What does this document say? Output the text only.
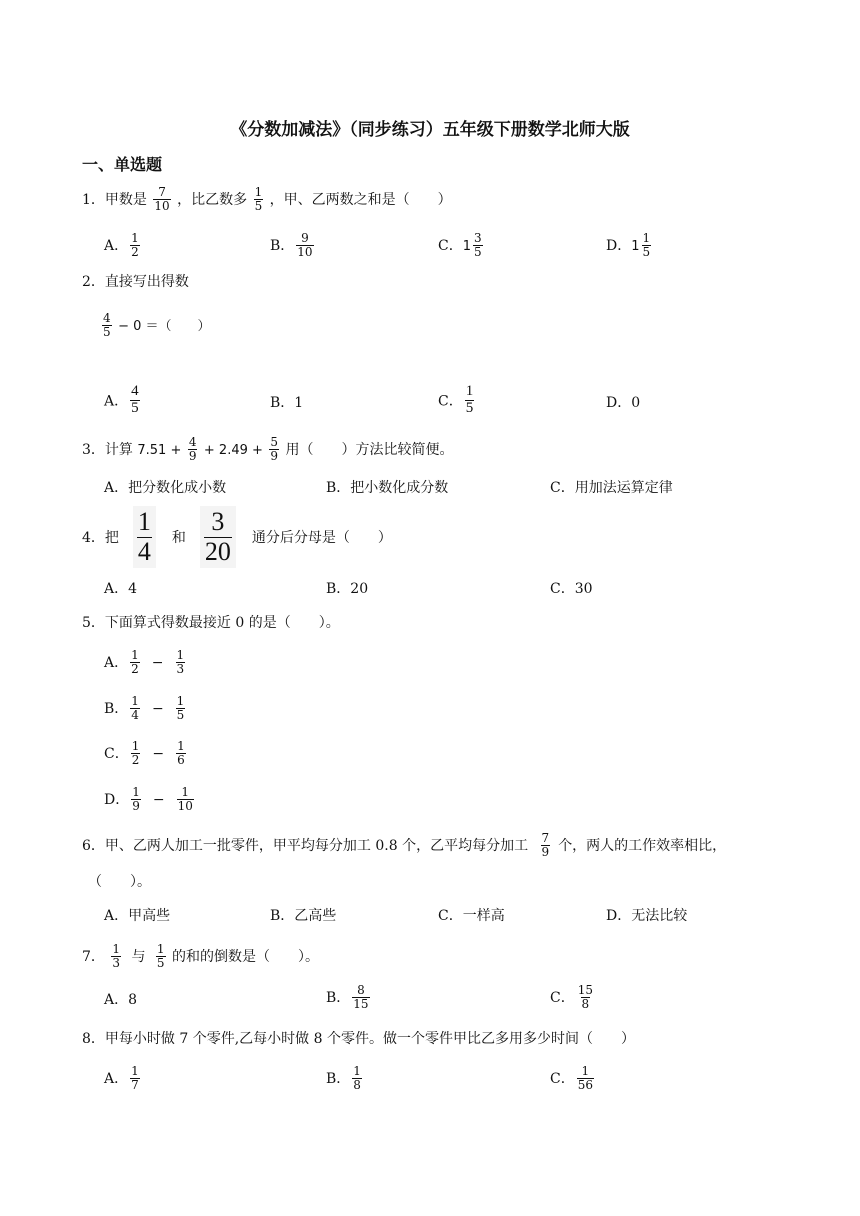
《分数加减法》（同步练习）五年级下册数学北师大版
一、单选题
1．甲数是 $\frac{7}{10}$ ，比乙数多 $\frac{1}{5}$ ，甲、乙两数之和是（　　）
A． $\frac{1}{2}$	B． $\frac{9}{10}$	C．$1 \frac{3}{5}$	D．$1 \frac{1}{5}$
2．直接写出得数
$\frac{4}{5} - 0$ ＝（　　）
A． $\frac{4}{5}$	B．1	C． $\frac{1}{5}$	D．0
3．计算 $7.51 + \frac{4}{9} + 2.49 + \frac{5}{9}$ 用（　　）方法比较简便。
A．把分数化成小数	B．把小数化成分数	C．用加法运算定律
4． 把 $\frac{1}{4}$ 和 $\frac{3}{20}$ 通分后分母是（　　）
A．4	B．20	C．30
5．下面算式得数最接近 0 的是（　　）。
A． $\frac{1}{2} - \frac{1}{3}$
B． $\frac{1}{4} - \frac{1}{5}$
C． $\frac{1}{2} - \frac{1}{6}$
D． $\frac{1}{9} - \frac{1}{10}$
6．甲、乙两人加工一批零件，甲平均每分加工 0.8 个，乙平均每分加工 $\frac{7}{9}$ 个，两人的工作效率相比，
（　　）。
A．甲高些	B．乙高些	C．一样高	D．无法比较
7． $\frac{1}{3}$ 与 $\frac{1}{5}$ 的和的倒数是（　　）。
A．8	B． $\frac{8}{15}$	C． $\frac{15}{8}$
8．甲每小时做 7 个零件,乙每小时做 8 个零件。做一个零件甲比乙多用多少时间（　　）
A． $\frac{1}{7}$	B． $\frac{1}{8}$	C． $\frac{1}{56}$
